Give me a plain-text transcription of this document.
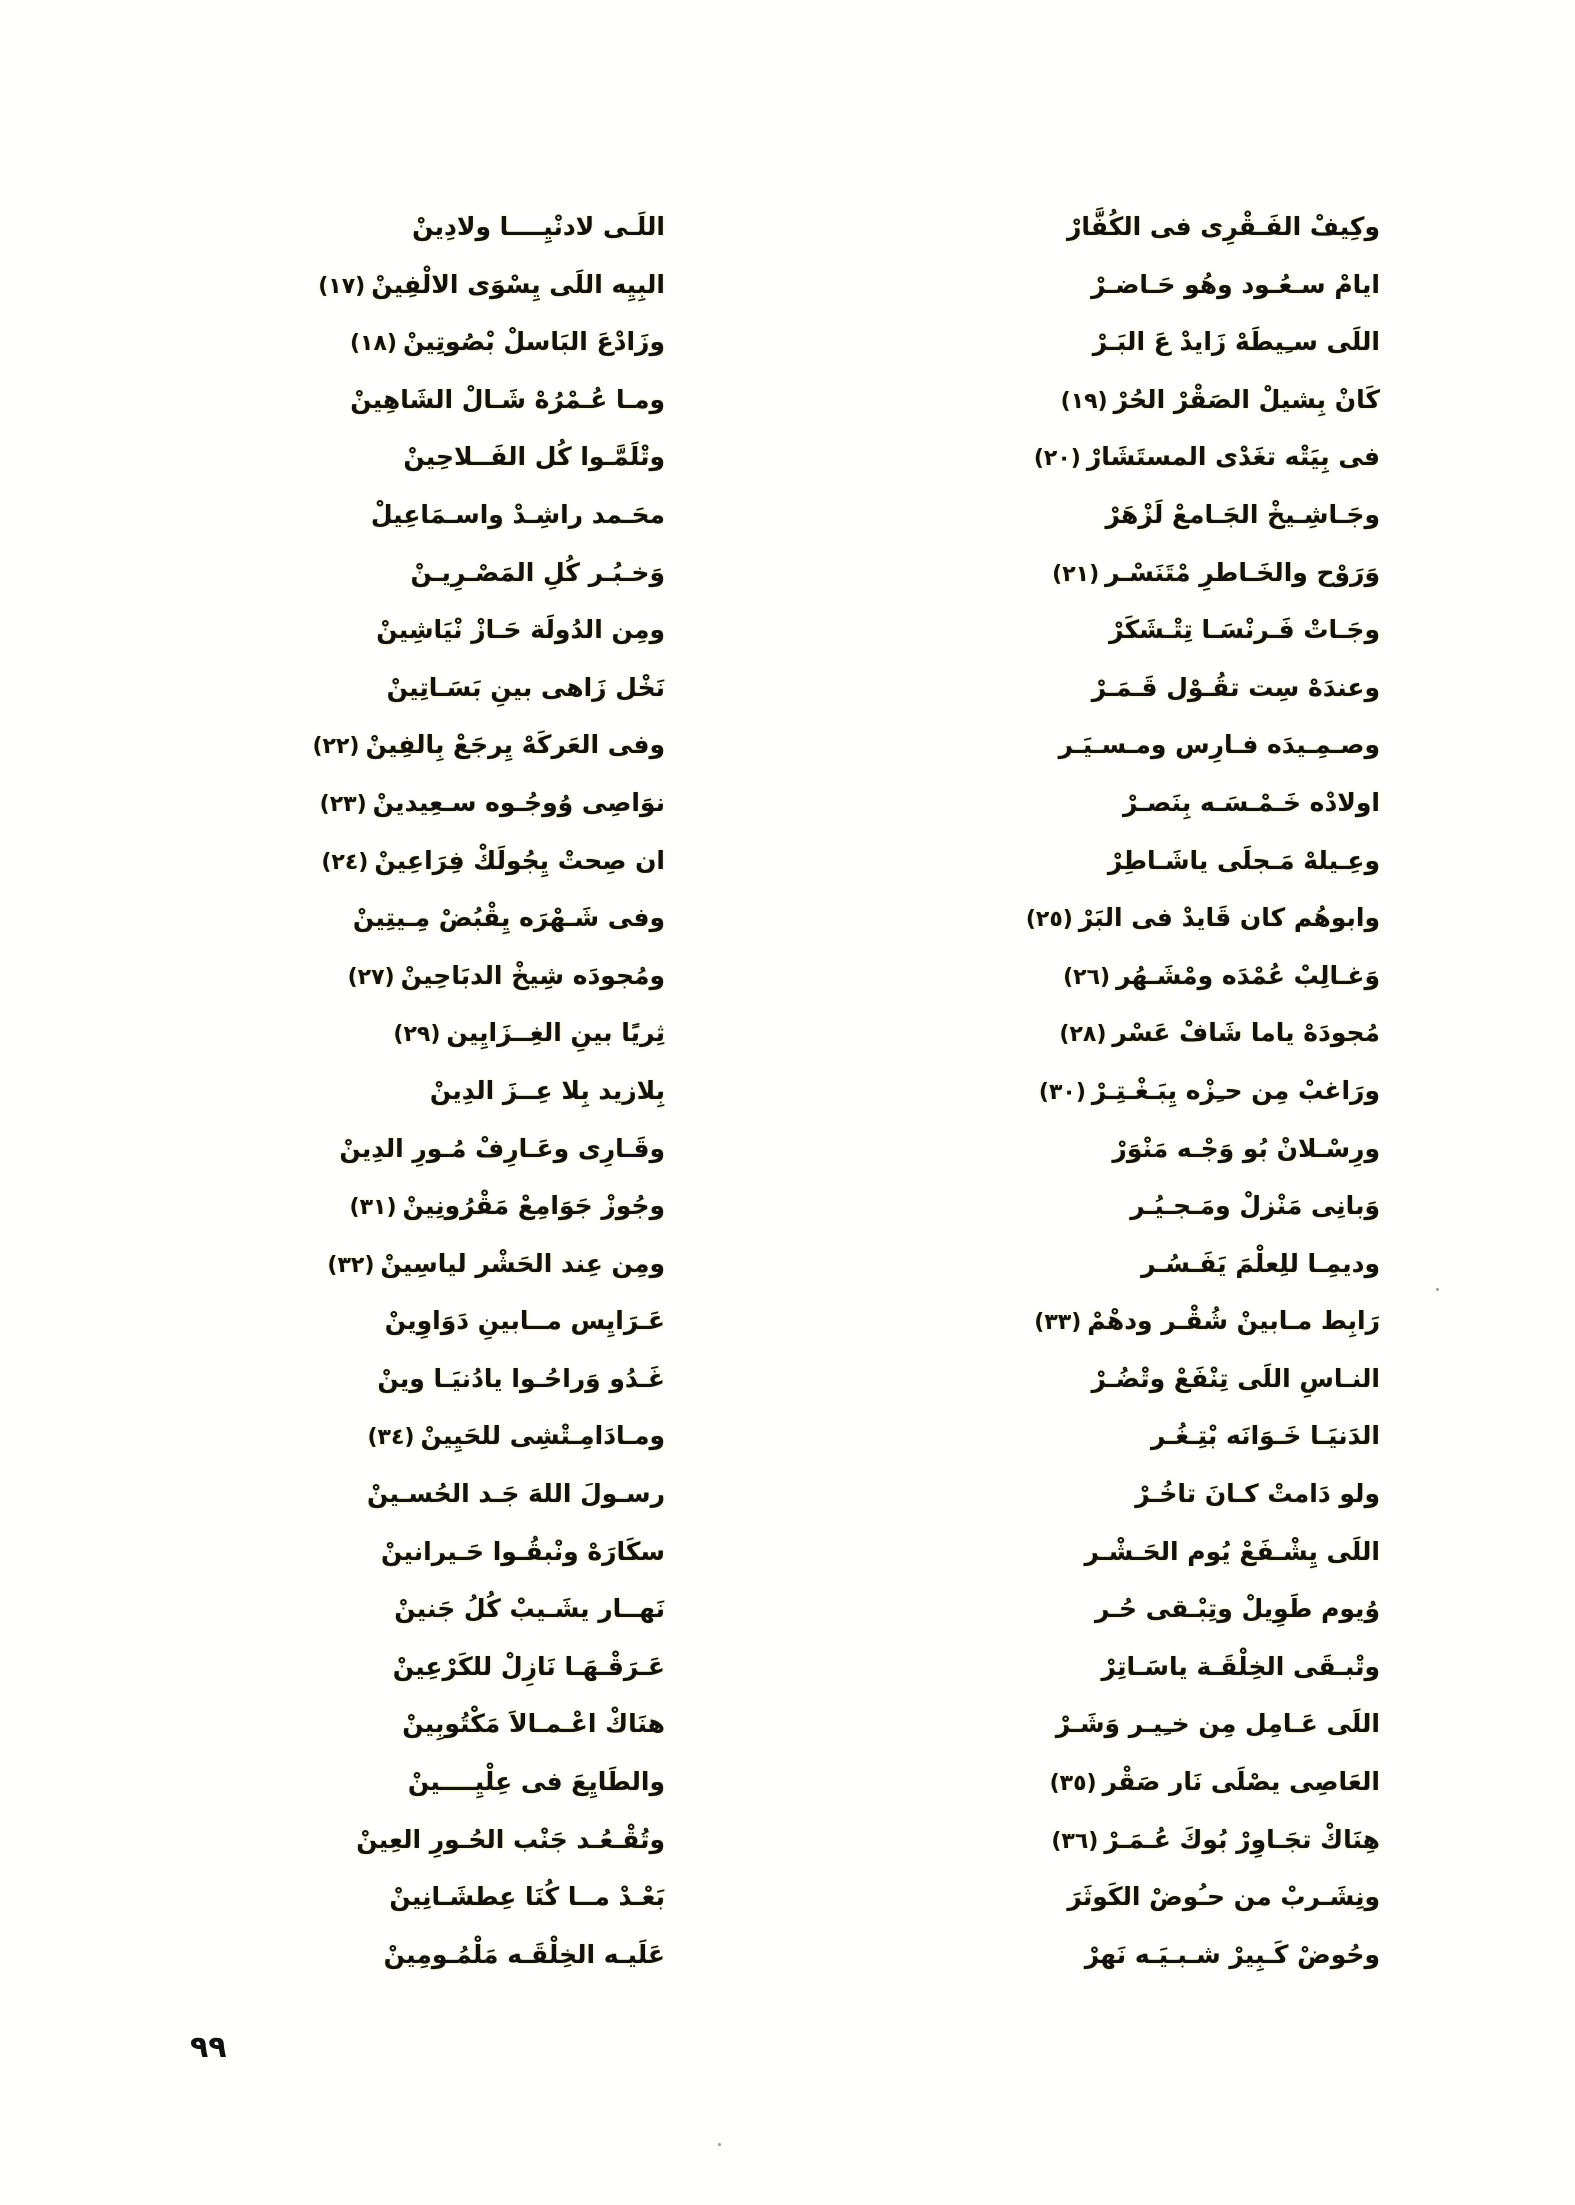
وكِيفْ الفَـقْرِى فى الكُفَّارْ
ايامْ سـعُـود وهُو حَـاضـرْ
اللَى سـِيطَهْ زَايدْ عَ البَـرْ
كَانْ بِشيلْ الصَقْرْ الحُرْ(١٩)
فى بِيَتْه تغَدْى المستَشَارْ(٢٠)
وجَـاشِـيخْ الجَـامعْ لَزْهَرْ
وَرَوْح والخَـاطرِ مْتَنَسْـر(٢١)
وجَـاتْ فَـرنْسَـا تِتْـشَكَرْ
وعندَهْ سِت تقُـوْل قَـمَـرْ
وصـمِـيدَه فـارِس ومـسـيَـر
اولادْه خَـمْـسَـه بِنَصـرْ
وعِـيلهْ مَـجلَى ياشَـاطِرْ
وابوهُم كان قَايدْ فى البَرْ(٢٥)
وَغـالِبْ عُمْدَه ومْشَـهُر(٢٦)
مُجودَهْ ياما شَافْ عَسْر(٢٨)
ورَاغبْ مِن حـِزْه يِبَـغْـتِـرْ(٣٠)
ورِسْـلانْ بُو وَجْـه مَنْوَرْ
وَبانِى مَنْزلْ ومَـجـيُـر
وديمِـا للِعلْمَ يَفَـسُـر
رَابِط مـابينْ شُقْـر ودهْمْ(٣٣)
النـاسِ اللَى تِنْفَعْ وتْضُـرْ
الدَنيَـا خَـوَانَه بْتِـغُـر
ولو دَامتْ كـانَ تاخُـرْ
اللَى يِشْـفَعْ يُوم الحَـشْـر
وُيوم طَوِيلْ وتِبْـقى حُـر
وتْبـقَى الخِلْقَـة ياسَـاتِرْ
اللَى عَـامِل مِن خـِيـر وَشَـرْ
العَاصِى يصْلَى نَار صَقْر(٣٥)
هِنَاكْ تجَـاوِرْ بُوكَ عُـمَـرْ(٣٦)
ونِشَـربْ من حـُوضْ الكَوثَرَ
وحُوضْ كَـبِيرْ شـبـيَـه نَهرْ
اللَـى لادنْيِــــا ولادِينْ
البِيِه اللَى يِسْوَى الالْفِينْ(١٧)
وزَادْعَ البَاسلْ بْصُوتِينْ(١٨)
ومـا عُـمْرُهْ شَـالْ الشَاهِينْ
وتْلَمَّـوا كُل الفَــلاحِينْ
محَـمد راشِـدْ واسـمَاعِيلْ
وَخـبُـر كُلِ المَصْـرِيـنْ
ومِن الدُولَة حَـازْ نْيَاشِينْ
نَخْل زَاهى بينِ بَسَـاتِينْ
وفى العَركَهْ يِرجَعْ بِالفِينْ(٢٢)
نوَاصِى وُوجُـوه سـعِيدينْ(٢٣)
ان صِحتْ يِجُولَكْ فِرَاعِينْ(٢٤)
وفى شَـهْرَه يِقْبُضْ مِـيتِينْ
ومُجودَه شِيخْ الدبَاحِينْ(٢٧)
ثِريًا بينِ الغِــزَايِين(٢٩)
بِلازيد بِلا عِــزَ الدِينْ
وقَـارِى وعَـارِفْ مُـورِ الدِينْ
وجُوزْ جَوَامِعْ مَقْرُونِينْ(٣١)
ومِن عِند الحَشْر لياسِينْ(٣٢)
عَـرَايِس مــابينِ دَوَاوِينْ
غَـدُو وَراحُـوا يادُنيَـا وينْ
ومـادَامِـتْشِى للحَيِينْ(٣٤)
رسـولَ اللهَ جَـد الحُسـينْ
سكَارَهْ ونْبقُـوا حَـيرانينْ
نَهــار يشَـيبْ كُلُ جَنينْ
عَـرَقْـهَـا نَازِلْ للكَرْعِينْ
هنَاكْ اعْـمـالاَ مَكْتُوبِينْ
والطَايِعَ فى عِلْيِــــينْ
وتُقْـعُـد جَنْب الحُـورِ العِينْ
بَعْـدْ مــا كُنَا عِطشَـانِينْ
عَلَيـه الخِلْقَـه مَلْمُـومِينْ
٩٩
